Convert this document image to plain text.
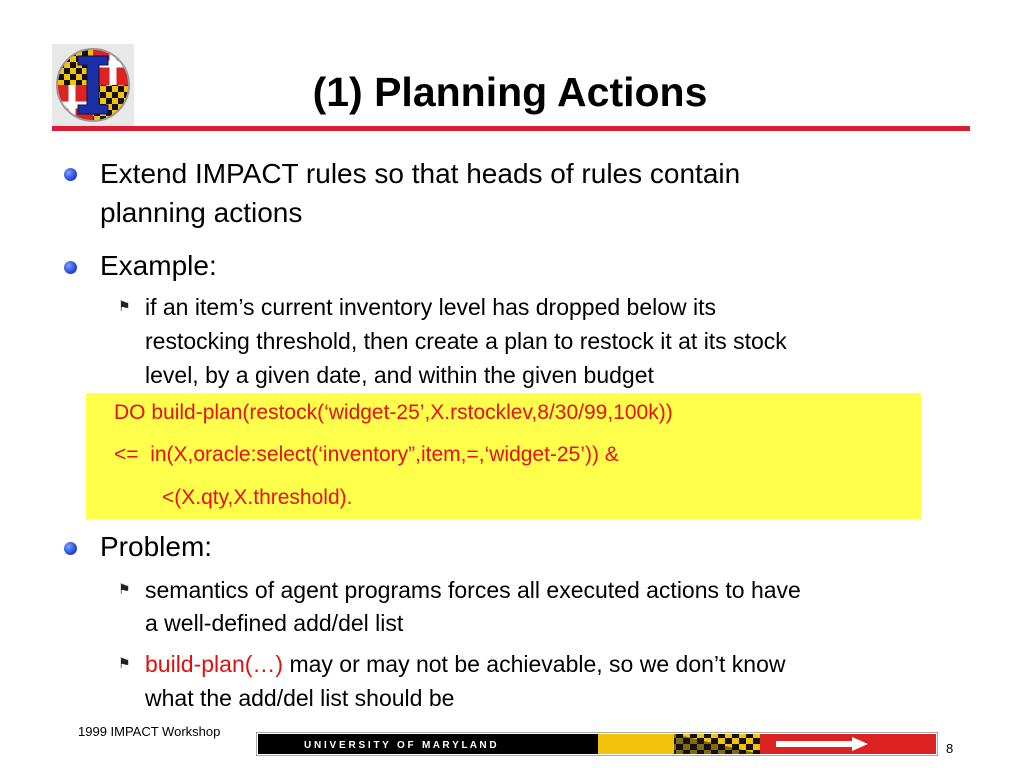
(1) Planning Actions
Extend IMPACT rules so that heads of rules contain
planning actions
Example:
⚑ if an item’s current inventory level has dropped below its
restocking threshold, then create a plan to restock it at its stock
level, by a given date, and within the given budget
DO build-plan(restock(‘widget-25’,X.rstocklev,8/30/99,100k))
<=  in(X,oracle:select(‘inventory”,item,=,‘widget-25’)) &
<(X.qty,X.threshold).
Problem:
⚑ semantics of agent programs forces all executed actions to have
a well-defined add/del list
⚑ build-plan(…) may or may not be achievable, so we don’t know
what the add/del list should be
1999 IMPACT Workshop
U N I V E R S I T Y   O F   M A R Y L A N D	8
